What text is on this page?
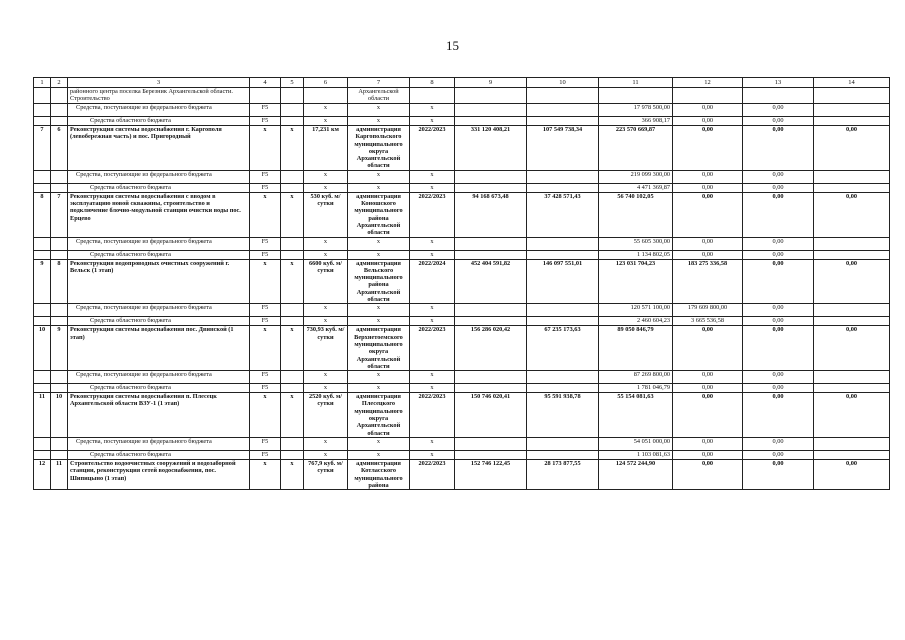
15
1	2	3	4	5	6	7	8	9	10	11	12	13	14
		районного центра поселка Березник Архангельской области. Строительство				Архангельской области							
		Средства, поступающие из федерального бюджета	F5		x	x	x			17 978 500,00	0,00	0,00	
		Средства областного бюджета	F5		x	x	x			366 908,17	0,00	0,00	
7	6	Реконструкция системы водоснабжения г. Каргополя (левобережная часть) и пос. Пригородный	x	x	17,231 км	администрация Каргопольского муниципального округа Архангельской области	2022/2023	331 120 408,21	107 549 738,34	223 570 669,87	0,00	0,00	0,00
		Средства, поступающие из федерального бюджета	F5		x	x	x			219 099 300,00	0,00	0,00	
		Средства областного бюджета	F5		x	x	x			4 471 369,87	0,00	0,00	
8	7	Реконструкция системы водоснабжения с вводом в эксплуатацию новой скважины, строительство и подключение блочно-модульной станции очистки воды пос. Ерцево	x	x	530 куб. м/сутки	администрация Коношского муниципального района Архангельской области	2022/2023	94 168 673,48	37 428 571,43	56 740 102,05	0,00	0,00	0,00
		Средства, поступающие из федерального бюджета	F5		x	x	x			55 605 300,00	0,00	0,00	
		Средства областного бюджета	F5		x	x	x			1 134 802,05	0,00	0,00	
9	8	Реконструкция водопроводных очистных сооружений г. Вельск (1 этап)	x	x	6600 куб. м/сутки	администрация Вельского муниципального района Архангельской области	2022/2024	452 404 591,82	146 097 551,01	123 031 704,23	183 275 336,58	0,00	0,00
		Средства, поступающие из федерального бюджета	F5		x	x	x			120 571 100,00	179 609 800,00	0,00	
		Средства областного бюджета	F5		x	x	x			2 460 604,23	3 665 536,58	0,00	
10	9	Реконструкция системы водоснабжения пос. Двинской (1 этап)	x	x	730,93 куб. м/сутки	администрация Верхнетоемского муниципального округа Архангельской области	2022/2023	156 286 020,42	67 235 173,63	89 050 846,79	0,00	0,00	0,00
		Средства, поступающие из федерального бюджета	F5		x	x	x			87 269 800,00	0,00	0,00	
		Средства областного бюджета	F5		x	x	x			1 781 046,79	0,00	0,00	
11	10	Реконструкция системы водоснабжения п. Плесецк Архангельской области ВЗУ-1 (1 этап)	x	x	2520 куб. м/сутки	администрация Плесецкого муниципального округа Архангельской области	2022/2023	150 746 020,41	95 591 938,78	55 154 081,63	0,00	0,00	0,00
		Средства, поступающие из федерального бюджета	F5		x	x	x			54 051 000,00	0,00	0,00	
		Средства областного бюджета	F5		x	x	x			1 103 081,63	0,00	0,00	
12	11	Строительство водоочистных сооружений и водозаборной станции, реконструкция сетей водоснабжения, пос. Шипицыно (1 этап)	x	x	767,9 куб. м/сутки	администрация Котласского муниципального района	2022/2023	152 746 122,45	28 173 877,55	124 572 244,90	0,00	0,00	0,00
